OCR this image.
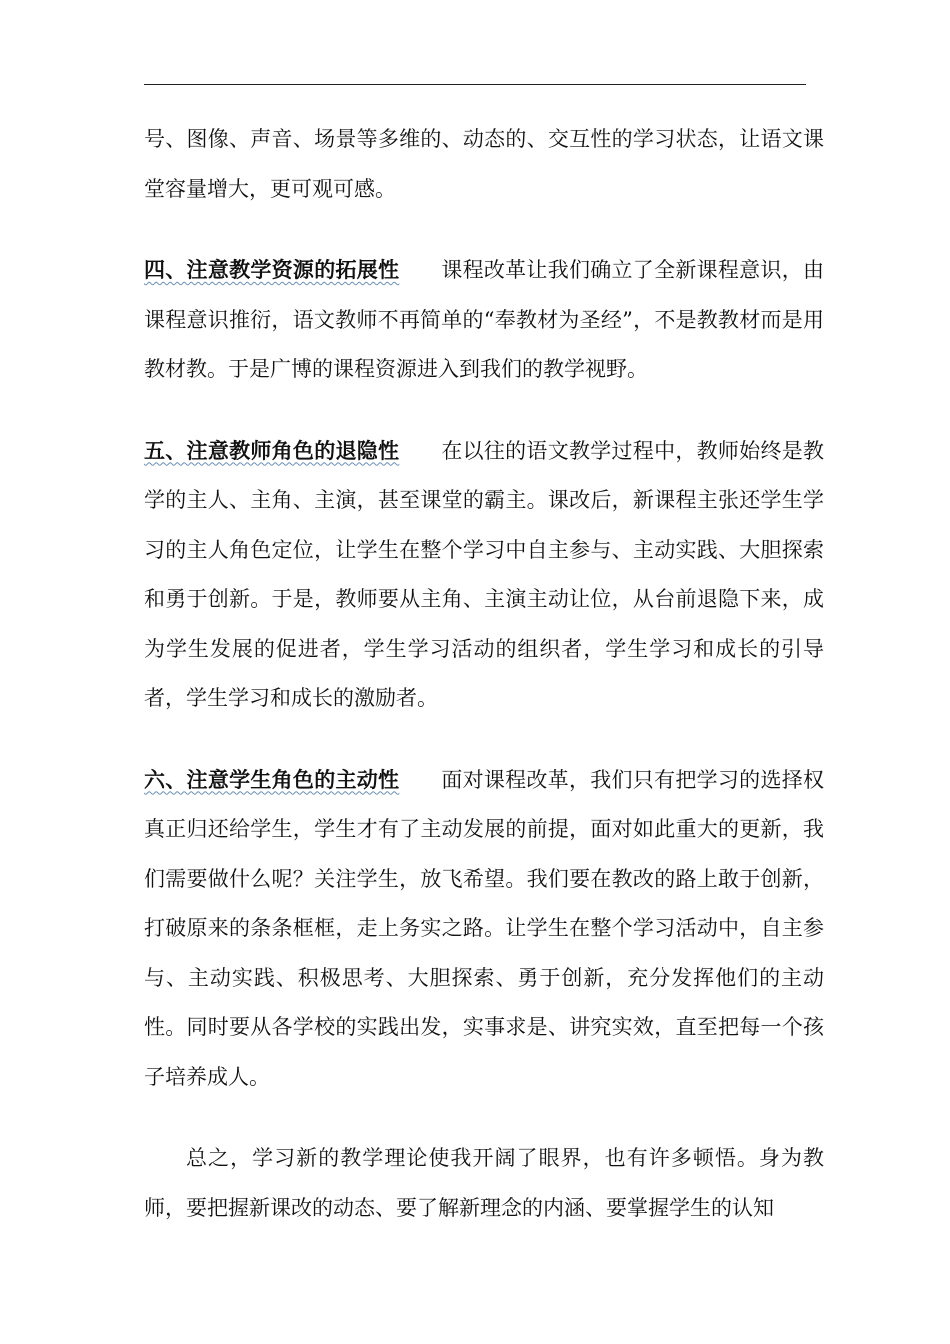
号、图像、声音、场景等多维的、动态的、交互性的学习状态，让语文课堂容量增大，更可观可感。

四、注意教学资源的拓展性 课程改革让我们确立了全新课程意识，由课程意识推衍，语文教师不再简单的“奉教材为圣经”，不是教教材而是用教材教。于是广博的课程资源进入到我们的教学视野。

五、注意教师角色的退隐性 在以往的语文教学过程中，教师始终是教学的主人、主角、主演，甚至课堂的霸主。课改后，新课程主张还学生学习的主人角色定位，让学生在整个学习中自主参与、主动实践、大胆探索和勇于创新。于是，教师要从主角、主演主动让位，从台前退隐下来，成为学生发展的促进者，学生学习活动的组织者，学生学习和成长的引导者，学生学习和成长的激励者。

六、注意学生角色的主动性 面对课程改革，我们只有把学习的选择权真正归还给学生，学生才有了主动发展的前提，面对如此重大的更新，我们需要做什么呢？关注学生，放飞希望。我们要在教改的路上敢于创新，打破原来的条条框框，走上务实之路。让学生在整个学习活动中，自主参与、主动实践、积极思考、大胆探索、勇于创新，充分发挥他们的主动性。同时要从各学校的实践出发，实事求是、讲究实效，直至把每一个孩子培养成人。

总之，学习新的教学理论使我开阔了眼界，也有许多顿悟。身为教师，要把握新课改的动态、要了解新理念的内涵、要掌握学生的认知
